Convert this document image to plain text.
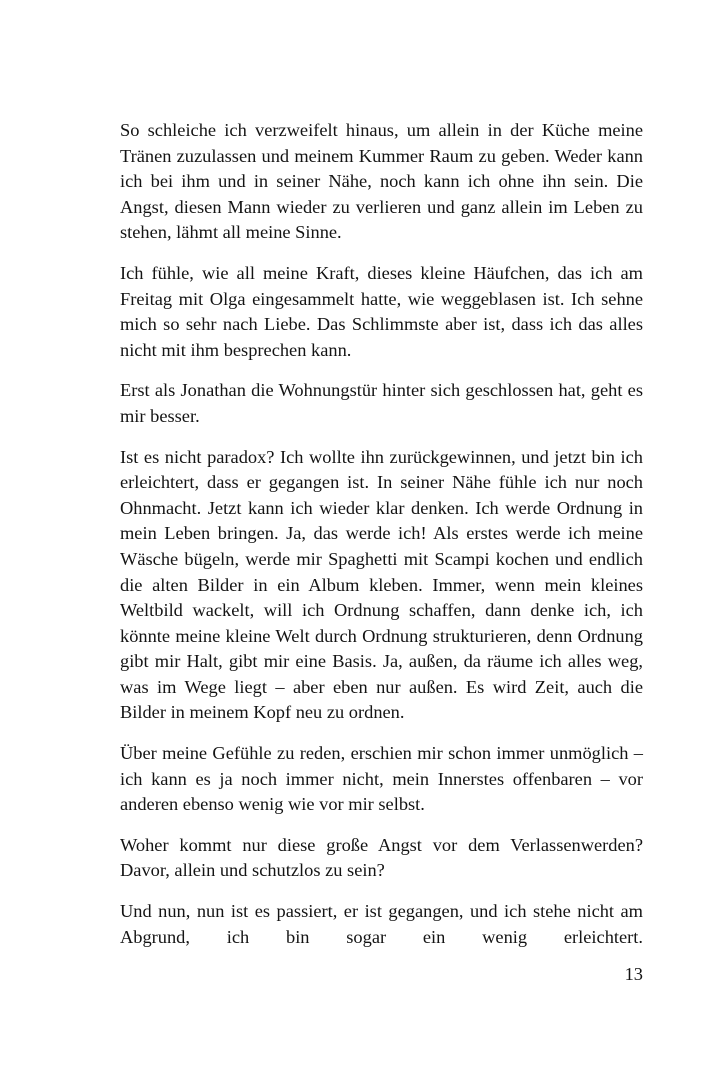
So schleiche ich verzweifelt hinaus, um allein in der Küche meine Tränen zuzulassen und meinem Kummer Raum zu geben. Weder kann ich bei ihm und in seiner Nähe, noch kann ich ohne ihn sein. Die Angst, diesen Mann wieder zu verlieren und ganz allein im Leben zu stehen, lähmt all meine Sinne.

Ich fühle, wie all meine Kraft, dieses kleine Häufchen, das ich am Freitag mit Olga eingesammelt hatte, wie weggeblasen ist. Ich sehne mich so sehr nach Liebe. Das Schlimmste aber ist, dass ich das alles nicht mit ihm besprechen kann.

Erst als Jonathan die Wohnungstür hinter sich geschlossen hat, geht es mir besser.

Ist es nicht paradox? Ich wollte ihn zurückgewinnen, und jetzt bin ich erleichtert, dass er gegangen ist. In seiner Nähe fühle ich nur noch Ohnmacht. Jetzt kann ich wieder klar denken. Ich werde Ordnung in mein Leben bringen. Ja, das werde ich! Als erstes werde ich meine Wäsche bügeln, werde mir Spaghetti mit Scampi kochen und endlich die alten Bilder in ein Album kleben. Immer, wenn mein kleines Weltbild wackelt, will ich Ordnung schaffen, dann denke ich, ich könnte meine kleine Welt durch Ordnung strukturieren, denn Ordnung gibt mir Halt, gibt mir eine Basis. Ja, außen, da räume ich alles weg, was im Wege liegt – aber eben nur außen. Es wird Zeit, auch die Bilder in meinem Kopf neu zu ordnen.

Über meine Gefühle zu reden, erschien mir schon immer unmöglich – ich kann es ja noch immer nicht, mein Innerstes offenbaren – vor anderen ebenso wenig wie vor mir selbst.

Woher kommt nur diese große Angst vor dem Verlassenwerden? Davor, allein und schutzlos zu sein?

Und nun, nun ist es passiert, er ist gegangen, und ich stehe nicht am Abgrund, ich bin sogar ein wenig erleichtert.

13
